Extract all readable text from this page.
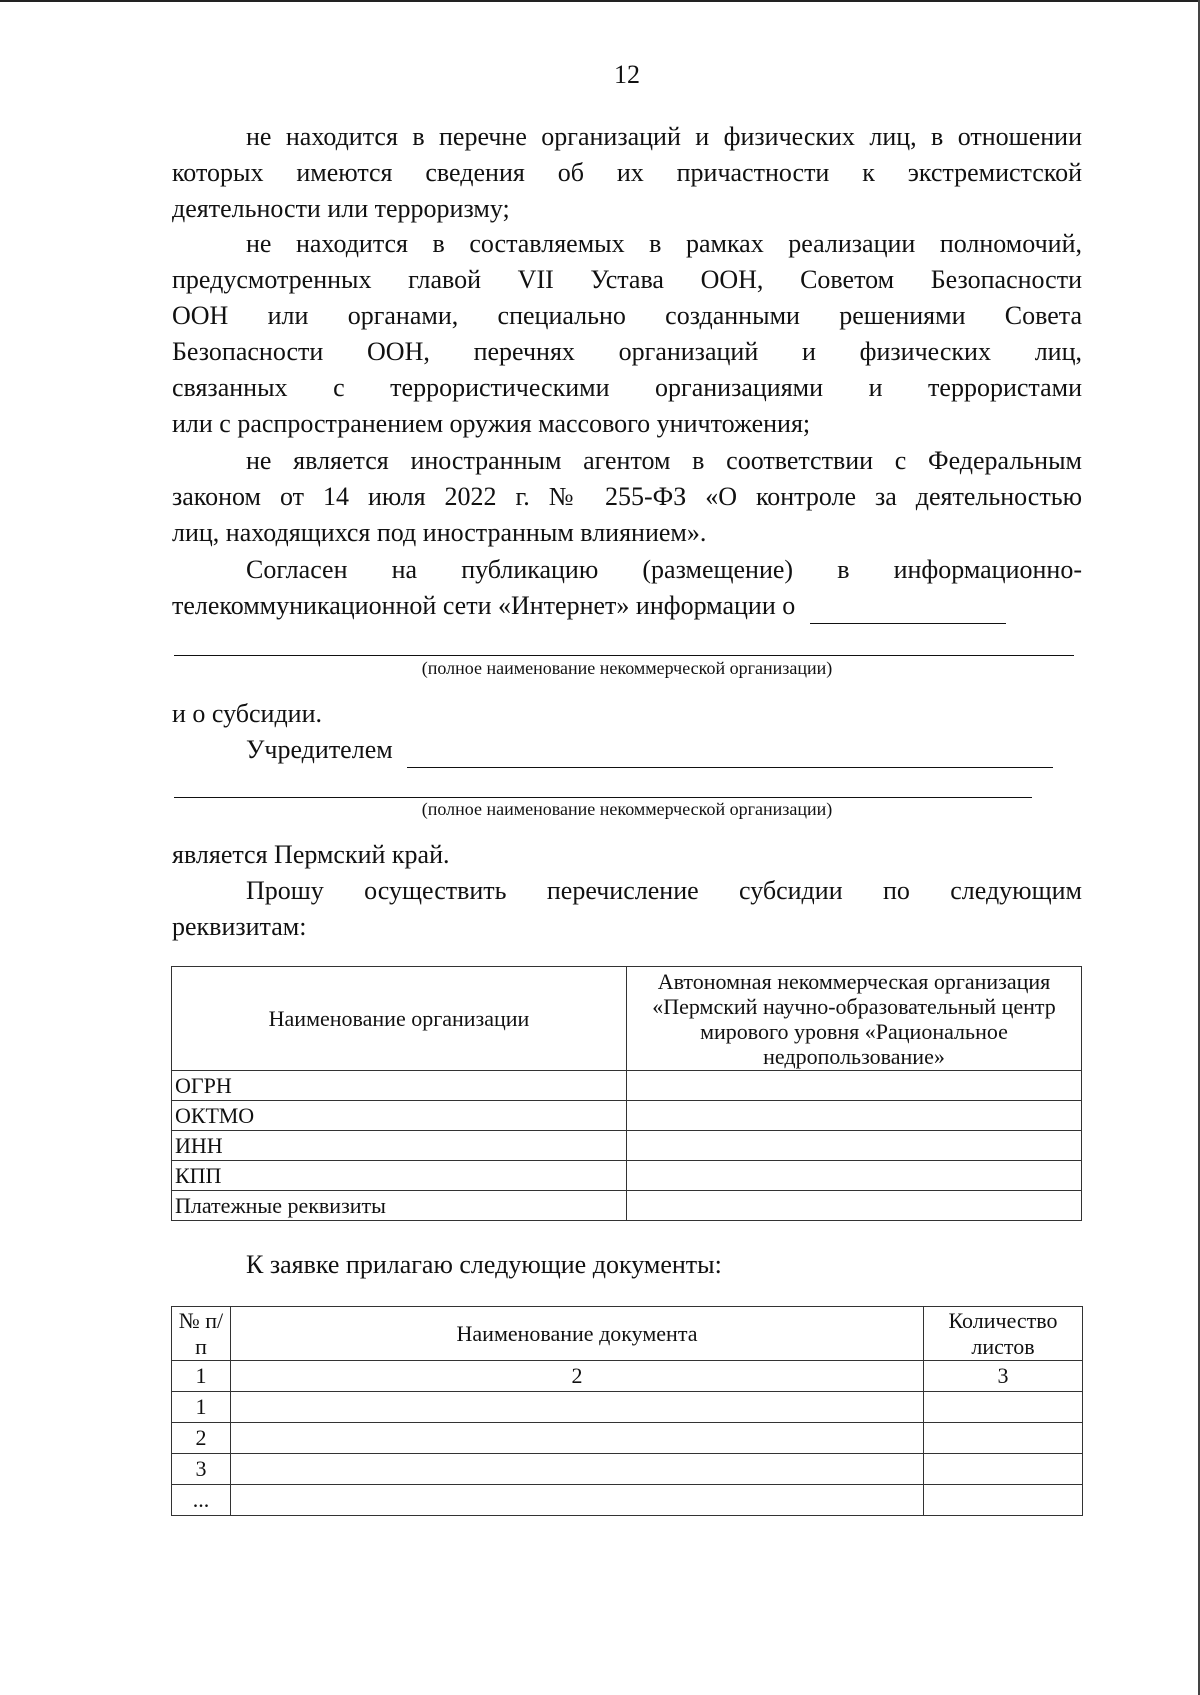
12
не находится в перечне организаций и физических лиц, в отношении
которых имеются сведения об их причастности к экстремистской
деятельности или терроризму;
не находится в составляемых в рамках реализации полномочий,
предусмотренных главой VII Устава ООН, Советом Безопасности
ООН или органами, специально созданными решениями Совета
Безопасности ООН, перечнях организаций и физических лиц,
связанных с террористическими организациями и террористами
или с распространением оружия массового уничтожения;
не является иностранным агентом в соответствии с Федеральным
законом от 14 июля 2022 г. № 255-ФЗ «О контроле за деятельностью
лиц, находящихся под иностранным влиянием».
Согласен на публикацию (размещение) в информационно-
телекоммуникационной сети «Интернет» информации о
(полное наименование некоммерческой организации)
и о субсидии.
Учредителем
(полное наименование некоммерческой организации)
является Пермский край.
Прошу осуществить перечисление субсидии по следующим
реквизитам:
Наименование организации	Автономная некоммерческая организация «Пермский научно-образовательный центр мирового уровня «Рациональное недропользование»
ОГРН	
ОКТМО	
ИНН	
КПП	
Платежные реквизиты	
К заявке прилагаю следующие документы:
№ п/п	Наименование документа	Количество листов
1	2	3
1		
2		
3		
...		
